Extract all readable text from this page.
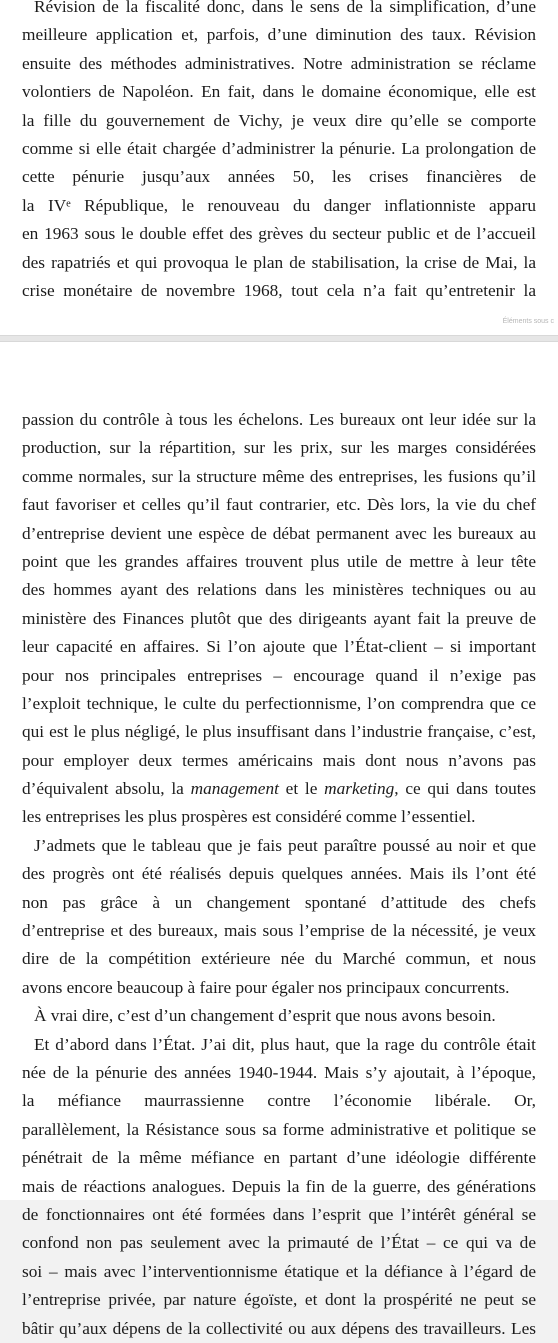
Révision de la fiscalité donc, dans le sens de la simplification, d’une
meilleure application et, parfois, d’une diminution des taux. Révision
ensuite des méthodes administratives. Notre administration se réclame
volontiers de Napoléon. En fait, dans le domaine économique, elle est
la fille du gouvernement de Vichy, je veux dire qu’elle se comporte
comme si elle était chargée d’administrer la pénurie. La prolongation de
cette pénurie jusqu’aux années 50, les crises financières de
la IVᵉ République, le renouveau du danger inflationniste apparu
en 1963 sous le double effet des grèves du secteur public et de l’accueil
des rapatriés et qui provoqua le plan de stabilisation, la crise de Mai, la
crise monétaire de novembre 1968, tout cela n’a fait qu’entretenir la
Éléments sous c
passion du contrôle à tous les échelons. Les bureaux ont leur idée sur la
production, sur la répartition, sur les prix, sur les marges considérées
comme normales, sur la structure même des entreprises, les fusions qu’il
faut favoriser et celles qu’il faut contrarier, etc. Dès lors, la vie du chef
d’entreprise devient une espèce de débat permanent avec les bureaux au
point que les grandes affaires trouvent plus utile de mettre à leur tête
des hommes ayant des relations dans les ministères techniques ou au
ministère des Finances plutôt que des dirigeants ayant fait la preuve de
leur capacité en affaires. Si l’on ajoute que l’État-client – si important
pour nos principales entreprises – encourage quand il n’exige pas
l’exploit technique, le culte du perfectionnisme, l’on comprendra que ce
qui est le plus négligé, le plus insuffisant dans l’industrie française, c’est,
pour employer deux termes américains mais dont nous n’avons pas
d’équivalent absolu, la management et le marketing, ce qui dans toutes
les entreprises les plus prospères est considéré comme l’essentiel.
J’admets que le tableau que je fais peut paraître poussé au noir et que
des progrès ont été réalisés depuis quelques années. Mais ils l’ont été
non pas grâce à un changement spontané d’attitude des chefs
d’entreprise et des bureaux, mais sous l’emprise de la nécessité, je veux
dire de la compétition extérieure née du Marché commun, et nous
avons encore beaucoup à faire pour égaler nos principaux concurrents.
À vrai dire, c’est d’un changement d’esprit que nous avons besoin.
Et d’abord dans l’État. J’ai dit, plus haut, que la rage du contrôle était
née de la pénurie des années 1940-1944. Mais s’y ajoutait, à l’époque,
la méfiance maurrassienne contre l’économie libérale. Or,
parallèlement, la Résistance sous sa forme administrative et politique se
pénétrait de la même méfiance en partant d’une idéologie différente
mais de réactions analogues. Depuis la fin de la guerre, des générations
de fonctionnaires ont été formées dans l’esprit que l’intérêt général se
confond non pas seulement avec la primauté de l’État – ce qui va de
soi – mais avec l’interventionnisme étatique et la défiance à l’égard de
l’entreprise privée, par nature égoïste, et dont la prospérité ne peut se
bâtir qu’aux dépens de la collectivité ou aux dépens des travailleurs. Les
